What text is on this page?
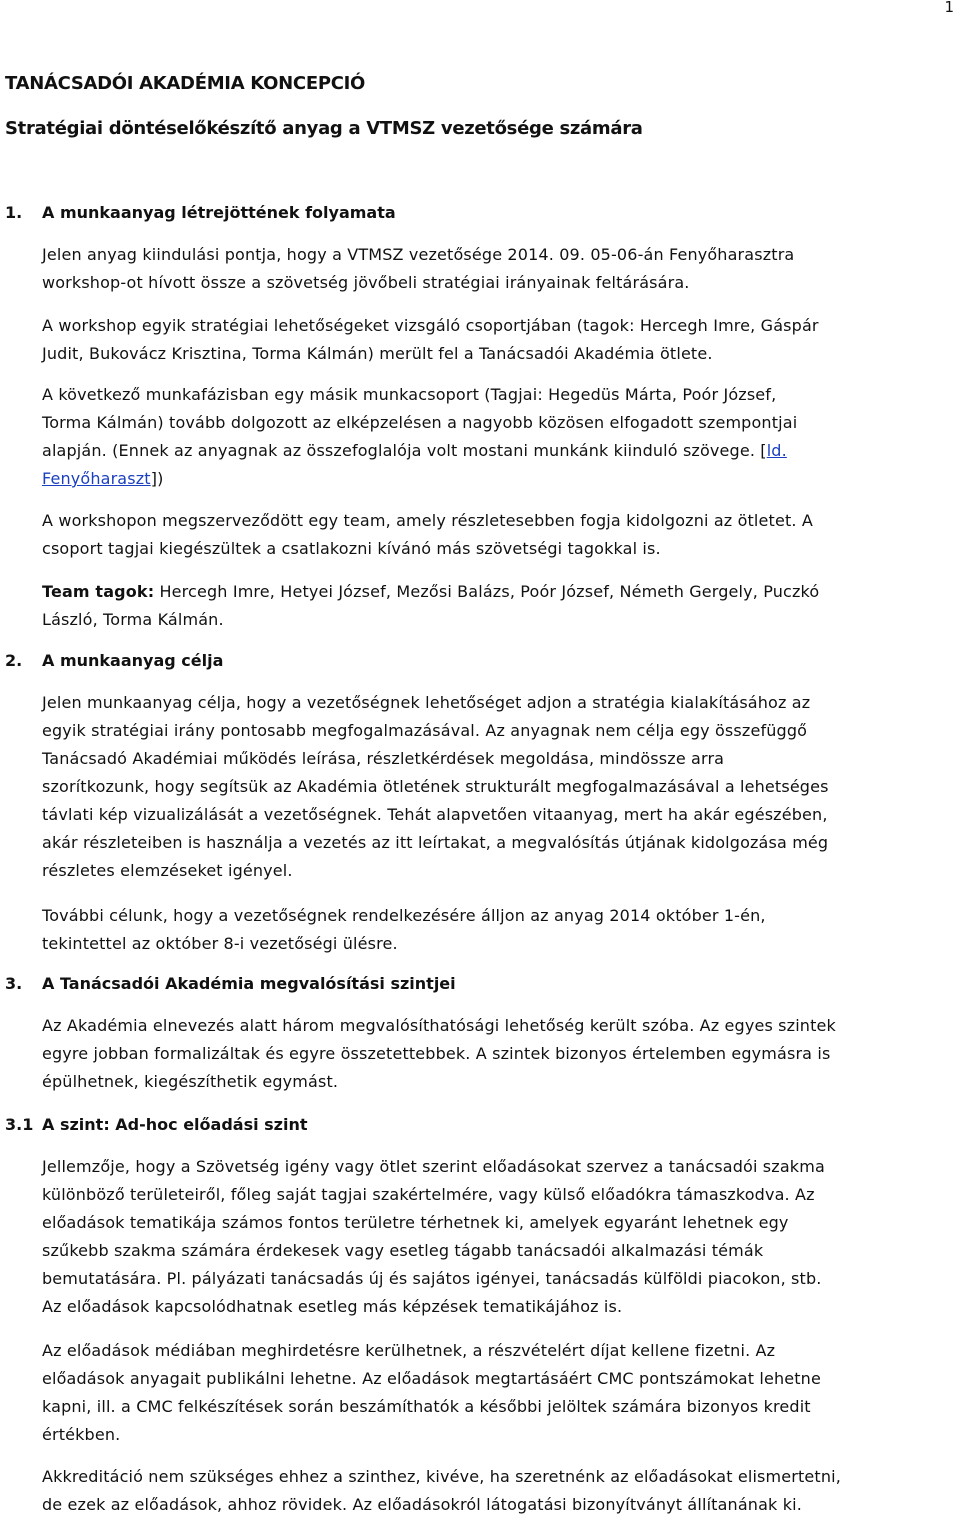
1
TANÁCSADÓI AKADÉMIA KONCEPCIÓ
Stratégiai döntéselőkészítő anyag a VTMSZ vezetősége számára
1. A munkaanyag létrejöttének folyamata

Jelen anyag kiindulási pontja, hogy a VTMSZ vezetősége 2014. 09. 05-06-án Fenyőharasztra
workshop-ot hívott össze a szövetség jövőbeli stratégiai irányainak feltárására.

A workshop egyik stratégiai lehetőségeket vizsgáló csoportjában (tagok: Hercegh Imre, Gáspár
Judit, Bukovácz Krisztina, Torma Kálmán) merült fel a Tanácsadói Akadémia ötlete.

A következő munkafázisban egy másik munkacsoport (Tagjai: Hegedüs Márta, Poór József,
Torma Kálmán) tovább dolgozott az elképzelésen a nagyobb közösen elfogadott szempontjai
alapján. (Ennek az anyagnak az összefoglalója volt mostani munkánk kiinduló szövege. [ld.
Fenyőharaszt])

A workshopon megszerveződött egy team, amely részletesebben fogja kidolgozni az ötletet. A
csoport tagjai kiegészültek a csatlakozni kívánó más szövetségi tagokkal is.

Team tagok: Hercegh Imre, Hetyei József, Mezősi Balázs, Poór József, Németh Gergely, Puczkó
László, Torma Kálmán.

2. A munkaanyag célja

Jelen munkaanyag célja, hogy a vezetőségnek lehetőséget adjon a stratégia kialakításához az
egyik stratégiai irány pontosabb megfogalmazásával. Az anyagnak nem célja egy összefüggő
Tanácsadó Akadémiai működés leírása, részletkérdések megoldása, mindössze arra
szorítkozunk, hogy segítsük az Akadémia ötletének strukturált megfogalmazásával a lehetséges
távlati kép vizualizálását a vezetőségnek. Tehát alapvetően vitaanyag, mert ha akár egészében,
akár részleteiben is használja a vezetés az itt leírtakat, a megvalósítás útjának kidolgozása még
részletes elemzéseket igényel.

További célunk, hogy a vezetőségnek rendelkezésére álljon az anyag 2014 október 1-én,
tekintettel az október 8-i vezetőségi ülésre.

3. A Tanácsadói Akadémia megvalósítási szintjei

Az Akadémia elnevezés alatt három megvalósíthatósági lehetőség került szóba. Az egyes szintek
egyre jobban formalizáltak és egyre összetettebbek. A szintek bizonyos értelemben egymásra is
épülhetnek, kiegészíthetik egymást.

3.1 A szint: Ad-hoc előadási szint

Jellemzője, hogy a Szövetség igény vagy ötlet szerint előadásokat szervez a tanácsadói szakma
különböző területeiről, főleg saját tagjai szakértelmére, vagy külső előadókra támaszkodva. Az
előadások tematikája számos fontos területre térhetnek ki, amelyek egyaránt lehetnek egy
szűkebb szakma számára érdekesek vagy esetleg tágabb tanácsadói alkalmazási témák
bemutatására. Pl. pályázati tanácsadás új és sajátos igényei, tanácsadás külföldi piacokon, stb.
Az előadások kapcsolódhatnak esetleg más képzések tematikájához is.

Az előadások médiában meghirdetésre kerülhetnek, a részvételért díjat kellene fizetni. Az
előadások anyagait publikálni lehetne. Az előadások megtartásáért CMC pontszámokat lehetne
kapni, ill. a CMC felkészítések során beszámíthatók a későbbi jelöltek számára bizonyos kredit
értékben.

Akkreditáció nem szükséges ehhez a szinthez, kivéve, ha szeretnénk az előadásokat elismertetni,
de ezek az előadások, ahhoz rövidek. Az előadásokról látogatási bizonyítványt állítanának ki.
